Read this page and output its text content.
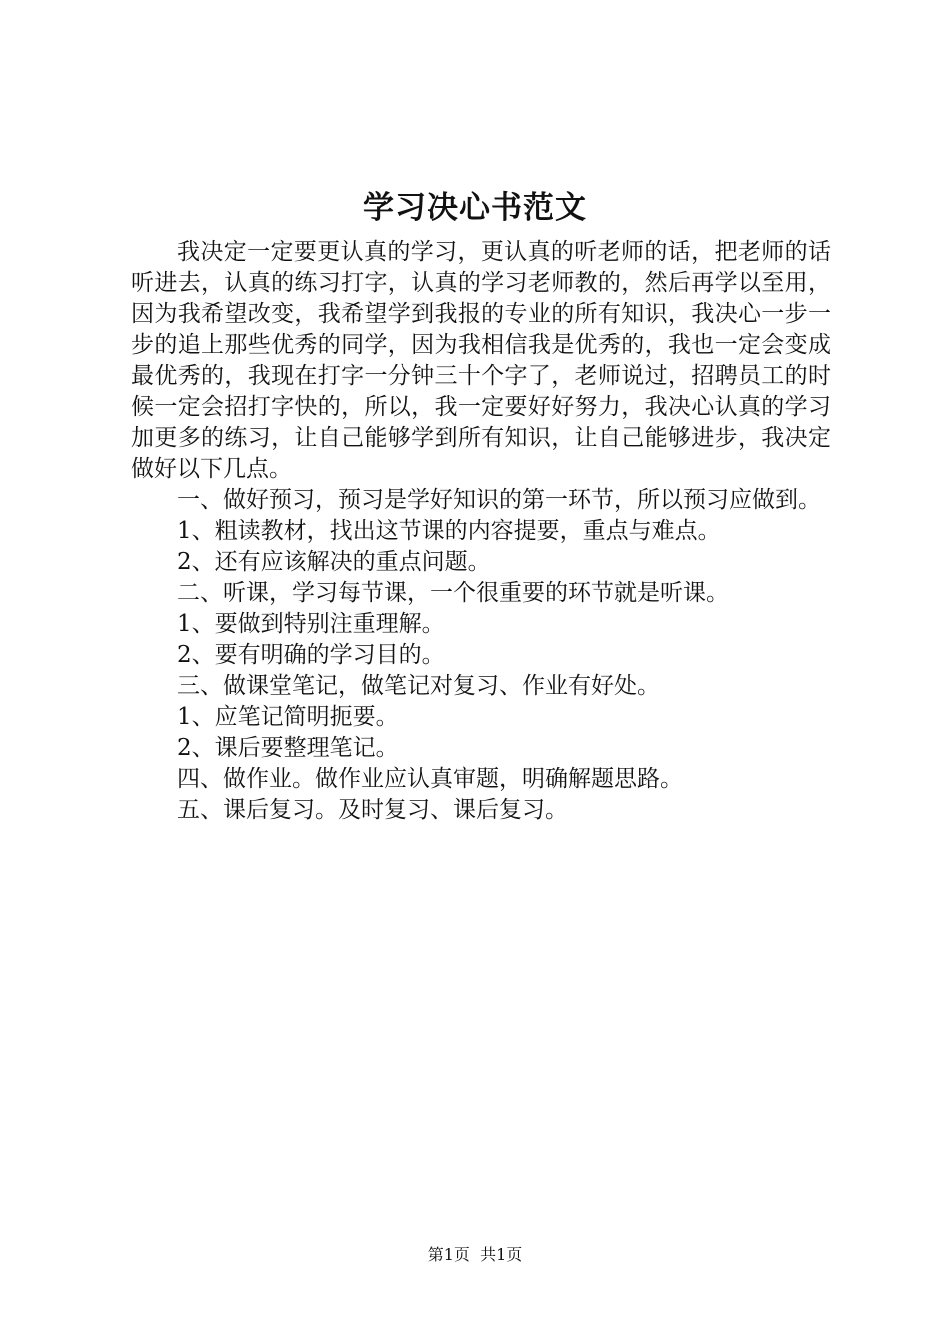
学习决心书范文

我决定一定要更认真的学习，更认真的听老师的话，把老师的话听进去，认真的练习打字，认真的学习老师教的，然后再学以至用，因为我希望改变，我希望学到我报的专业的所有知识，我决心一步一步的追上那些优秀的同学，因为我相信我是优秀的，我也一定会变成最优秀的，我现在打字一分钟三十个字了，老师说过，招聘员工的时候一定会招打字快的，所以，我一定要好好努力，我决心认真的学习加更多的练习，让自己能够学到所有知识，让自己能够进步，我决定做好以下几点。

一、做好预习，预习是学好知识的第一环节，所以预习应做到。

1、粗读教材，找出这节课的内容提要，重点与难点。

2、还有应该解决的重点问题。

二、听课，学习每节课，一个很重要的环节就是听课。

1、要做到特别注重理解。

2、要有明确的学习目的。

三、做课堂笔记，做笔记对复习、作业有好处。

1、应笔记简明扼要。

2、课后要整理笔记。

四、做作业。做作业应认真审题，明确解题思路。

五、课后复习。及时复习、课后复习。

第1页  共1页
